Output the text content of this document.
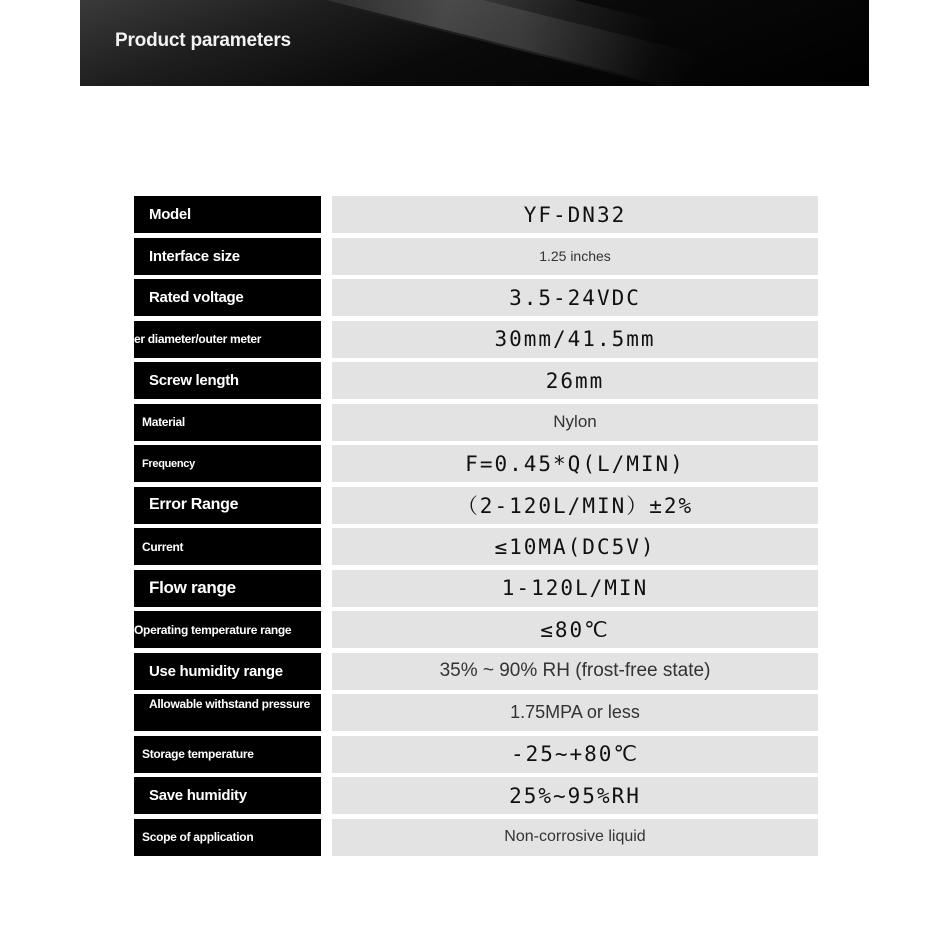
Product parameters
Model	YF-DN32
Interface size	1.25 inches
Rated voltage	3.5-24VDC
er diameter/outer meter	30mm/41.5mm
Screw length	26mm
Material	Nylon
Frequency	F=0.45*Q(L/MIN)
Error Range	（2-120L/MIN）±2%
Current	≤10MA(DC5V)
Flow range	1-120L/MIN
Operating temperature range	≤80℃
Use humidity range	35% ~ 90% RH (frost-free state)
Allowable withstand pressure	1.75MPA or less
Storage temperature	-25~+80℃
Save humidity	25%~95%RH
Scope of application	Non-corrosive liquid
